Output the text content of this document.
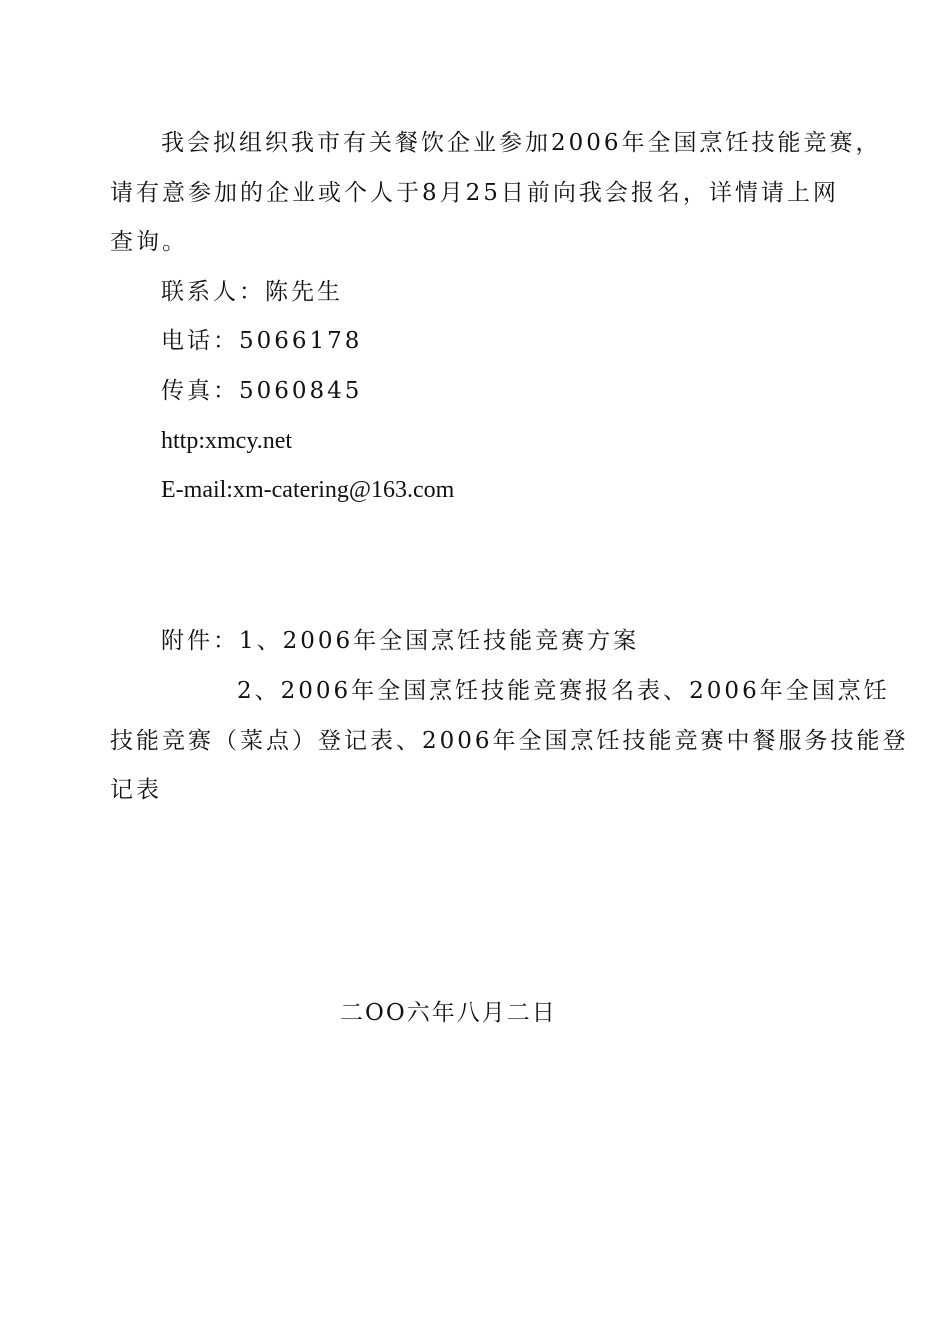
我会拟组织我市有关餐饮企业参加2006年全国烹饪技能竞赛，
请有意参加的企业或个人于8月25日前向我会报名，详情请上网
查询。
联系人：陈先生
电话：5066178
传真：5060845
http:xmcy.net
E-mail:xm-catering@163.com
附件：1、2006年全国烹饪技能竞赛方案
2、2006年全国烹饪技能竞赛报名表、2006年全国烹饪
技能竞赛（菜点）登记表、2006年全国烹饪技能竞赛中餐服务技能登
记表
二OO六年八月二日
